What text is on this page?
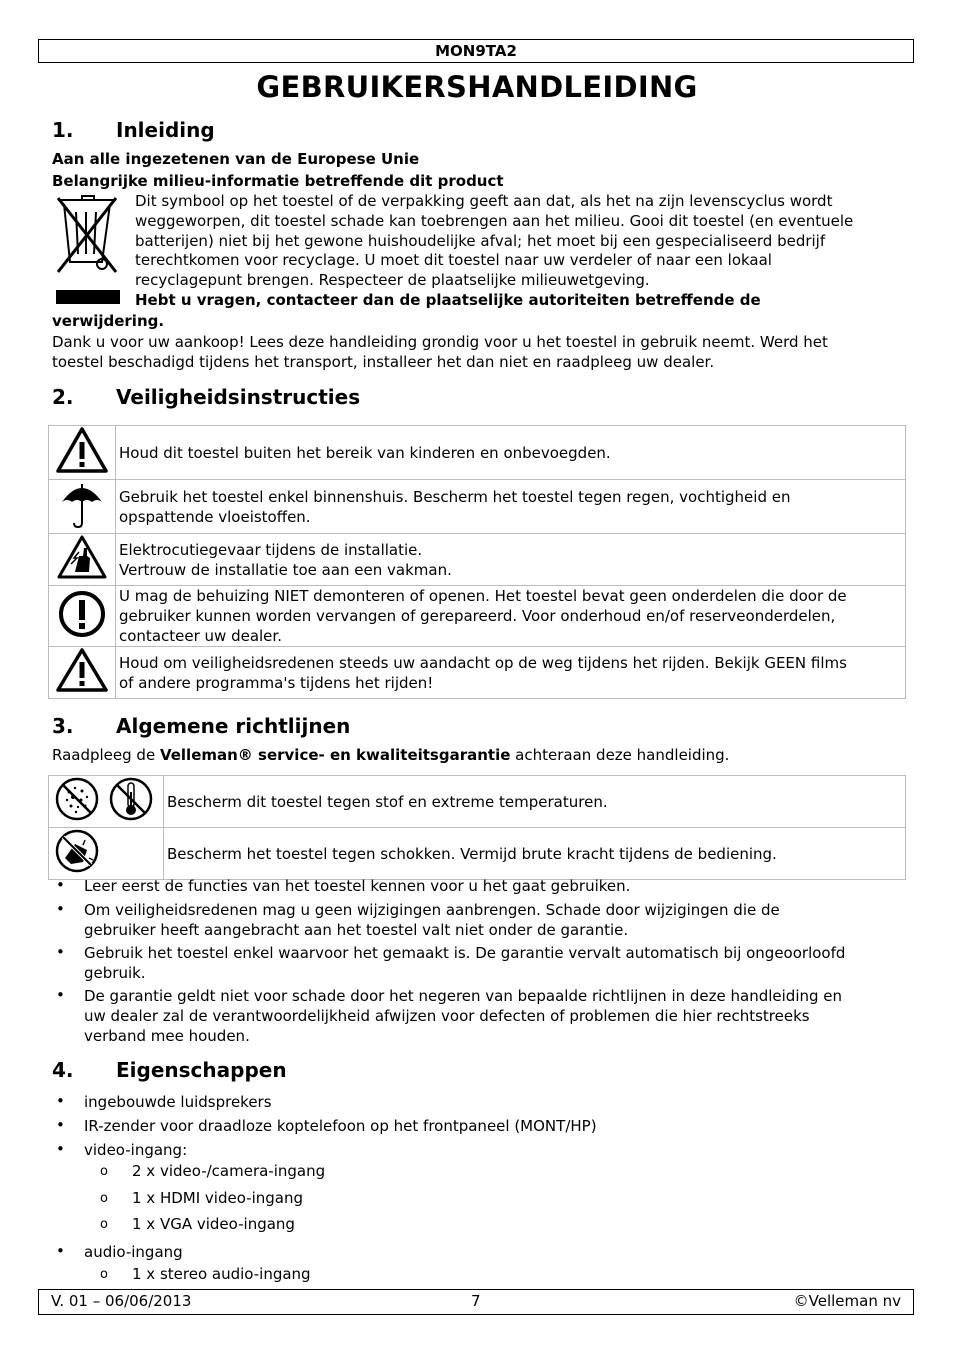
MON9TA2
GEBRUIKERSHANDLEIDING
1. Inleiding
Aan alle ingezetenen van de Europese Unie
Belangrijke milieu-informatie betreffende dit product
Dit symbool op het toestel of de verpakking geeft aan dat, als het na zijn levenscyclus wordt
weggeworpen, dit toestel schade kan toebrengen aan het milieu. Gooi dit toestel (en eventuele
batterijen) niet bij het gewone huishoudelijke afval; het moet bij een gespecialiseerd bedrijf
terechtkomen voor recyclage. U moet dit toestel naar uw verdeler of naar een lokaal
recyclagepunt brengen. Respecteer de plaatselijke milieuwetgeving.
Hebt u vragen, contacteer dan de plaatselijke autoriteiten betreffende de
verwijdering.
Dank u voor uw aankoop! Lees deze handleiding grondig voor u het toestel in gebruik neemt. Werd het
toestel beschadigd tijdens het transport, installeer het dan niet en raadpleeg uw dealer.
2. Veiligheidsinstructies

Houd dit toestel buiten het bereik van kinderen en onbevoegden.

Gebruik het toestel enkel binnenshuis. Bescherm het toestel tegen regen, vochtigheid en
opspattende vloeistoffen.

Elektrocutiegevaar tijdens de installatie.
Vertrouw de installatie toe aan een vakman.

U mag de behuizing NIET demonteren of openen. Het toestel bevat geen onderdelen die door de
gebruiker kunnen worden vervangen of gerepareerd. Voor onderhoud en/of reserveonderdelen,
contacteer uw dealer.

Houd om veiligheidsredenen steeds uw aandacht op de weg tijdens het rijden. Bekijk GEEN films
of andere programma's tijdens het rijden!
3. Algemene richtlijnen
Raadpleeg de Velleman® service- en kwaliteitsgarantie achteraan deze handleiding.
	Bescherm dit toestel tegen stof en extreme temperaturen.
	Bescherm het toestel tegen schokken. Vermijd brute kracht tijdens de bediening.
• Leer eerst de functies van het toestel kennen voor u het gaat gebruiken.
• Om veiligheidsredenen mag u geen wijzigingen aanbrengen. Schade door wijzigingen die de
gebruiker heeft aangebracht aan het toestel valt niet onder de garantie.
• Gebruik het toestel enkel waarvoor het gemaakt is. De garantie vervalt automatisch bij ongeoorloofd
gebruik.
• De garantie geldt niet voor schade door het negeren van bepaalde richtlijnen in deze handleiding en
uw dealer zal de verantwoordelijkheid afwijzen voor defecten of problemen die hier rechtstreeks
verband mee houden.
4. Eigenschappen
• ingebouwde luidsprekers
• IR-zender voor draadloze koptelefoon op het frontpaneel (MONT/HP)
• video-ingang:
o 2 x video-/camera-ingang
o 1 x HDMI video-ingang
o 1 x VGA video-ingang
• audio-ingang
o 1 x stereo audio-ingang
V. 01 – 06/06/2013	7	©Velleman nv
